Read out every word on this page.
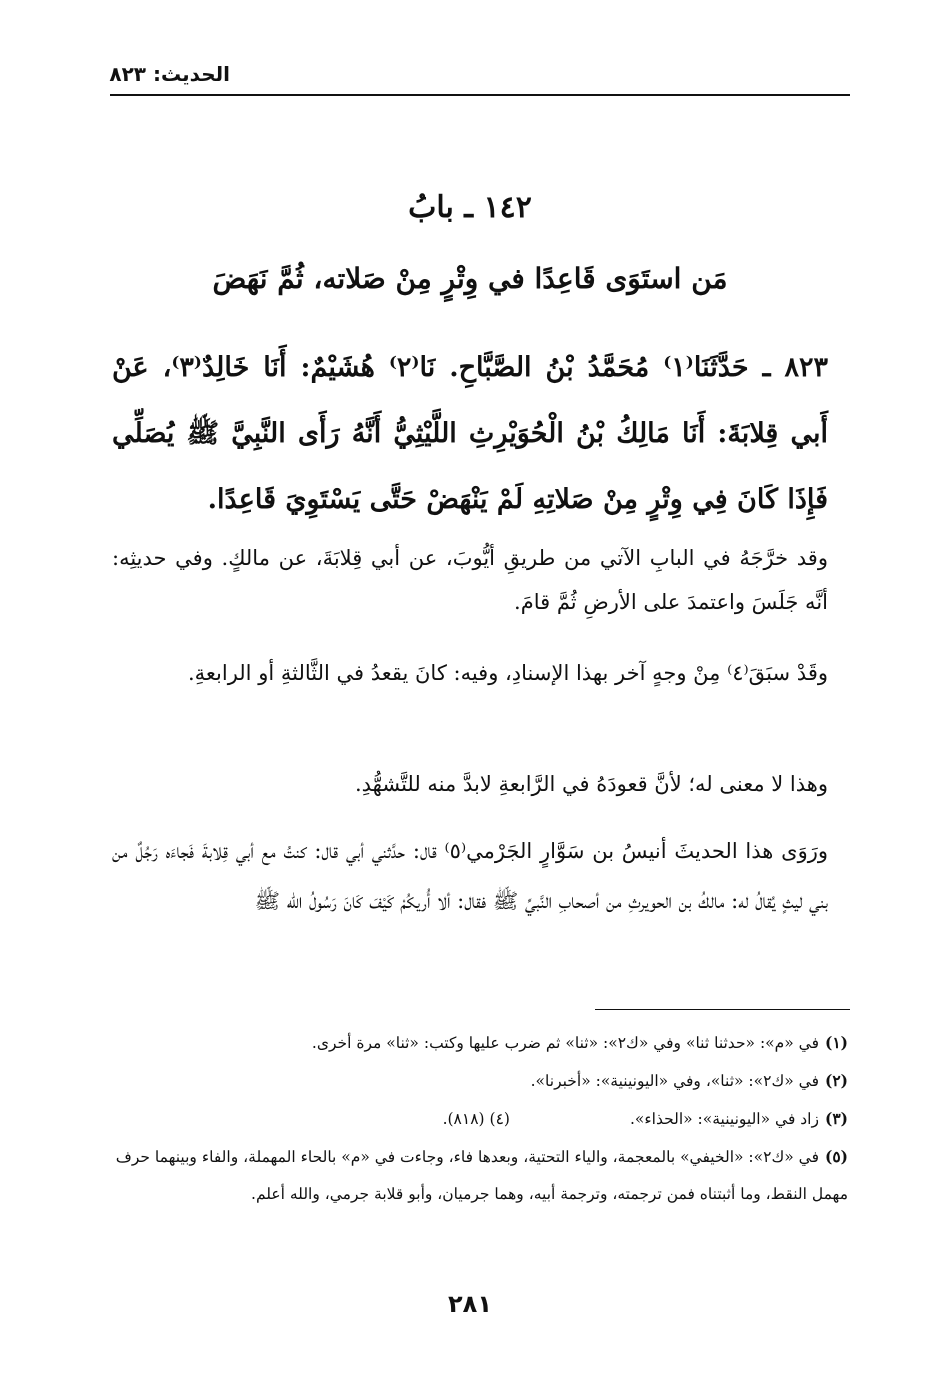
الحديث: ٨٢٣
١٤٢ ـ بابُ
مَن استَوَى قَاعِدًا في وِتْرٍ مِنْ صَلاته، ثُمَّ نَهَضَ
٨٢٣ ـ حَدَّثَنَا⁽١⁾ مُحَمَّدُ بْنُ الصَّبَّاحِ. نَا⁽٢⁾ هُشَيْمٌ: أَنَا خَالِدٌ⁽٣⁾، عَنْ أَبي قِلابَةَ: أَنَا مَالِكُ بْنُ الْحُوَيْرِثِ اللَّيْثِيُّ أَنَّهُ رَأَى النَّبِيَّ ﷺ يُصَلِّي فَإِذَا كَانَ فِي وِتْرٍ مِنْ صَلاتِهِ لَمْ يَنْهَضْ حَتَّى يَسْتَوِيَ قَاعِدًا.
وقد خرَّجَهُ في البابِ الآتي من طريقِ أيُّوبَ، عن أبي قِلابَةَ، عن مالكٍ. وفي حديثِه: أنَّه جَلَسَ واعتمدَ على الأرضِ ثُمَّ قامَ.
وقَدْ سبَقَ⁽٤⁾ مِنْ وجهٍ آخر بهذا الإسنادِ، وفيه: كانَ يقعدُ في الثَّالثةِ أو الرابعةِ.
وهذا لا معنى له؛ لأنَّ قعودَهُ في الرَّابعةِ لابدَّ منه للتَّشهُّدِ.
ورَوَى هذا الحديثَ أنيسُ بن سَوَّارٍ الجَرْمي⁽٥⁾ قال: حدَّثني أبي قال: كنتُ مع أبي قِلابةَ فَجاءَه رَجُلٌ من بني ليثٍ يُقالُ له: مالكُ بن الحويرثِ من أصحابِ النَّبيِّ ﷺ فقال: ألا أُريكُمْ كَيْفَ كَانَ رَسُولُ الله ﷺ
(١)في «م»: «حدثنا ثنا» وفي «ك٢»: «ثنا» ثم ضرب عليها وكتب: «ثنا» مرة أخرى.
(٢)في «ك٢»: «ثنا»، وفي «اليونينية»: «أخبرنا».
(٣)زاد في «اليونينية»: «الحذاء».(٤) (٨١٨).
(٥)في «ك٢»: «الخيفي» بالمعجمة، والياء التحتية، وبعدها فاء، وجاءت في «م» بالحاء المهملة، والفاء وبينهما حرف مهمل النقط، وما أثبتناه فمن ترجمته، وترجمة أبيه، وهما جرميان، وأبو قلابة جرمي، والله أعلم.
٢٨١
